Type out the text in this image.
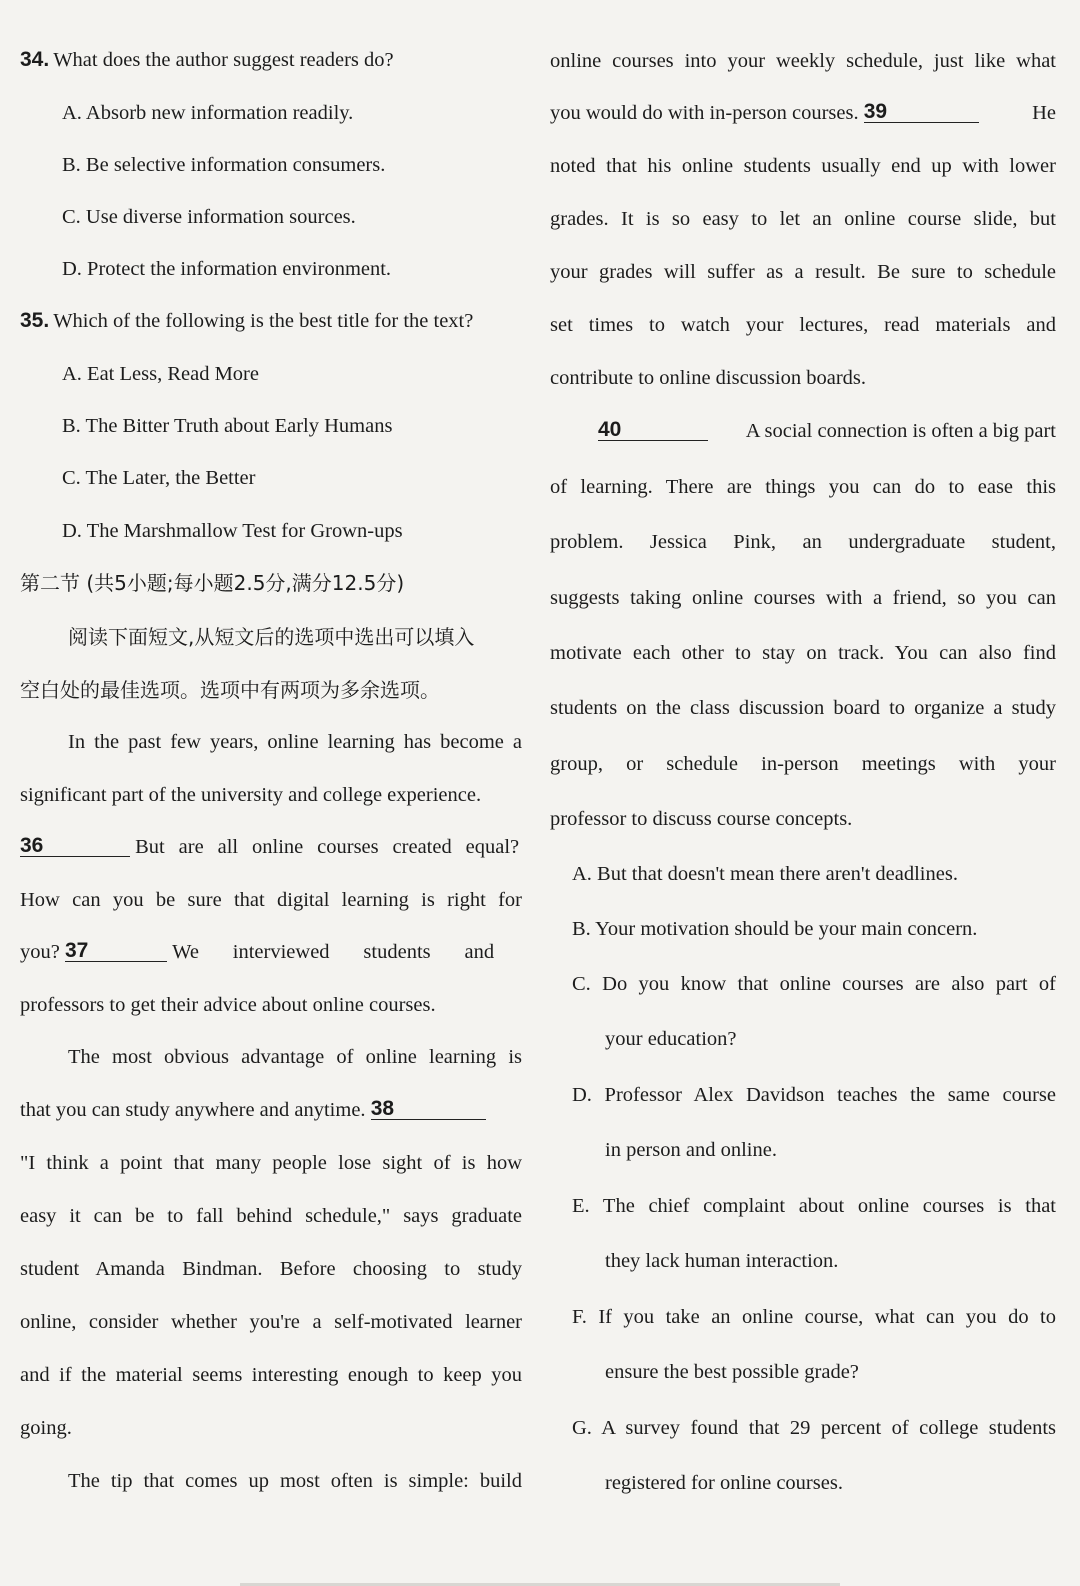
34. What does the author suggest readers do?
A. Absorb new information readily.
B. Be selective information consumers.
C. Use diverse information sources.
D. Protect the information environment.
35. Which of the following is the best title for the text?
A. Eat Less, Read More
B. The Bitter Truth about Early Humans
C. The Later, the Better
D. The Marshmallow Test for Grown-ups
第二节 (共5小题;每小题2.5分,满分12.5分)
阅读下面短文,从短文后的选项中选出可以填入
空白处的最佳选项。选项中有两项为多余选项。
In the past few years, online learning has become a
significant part of the university and college experience.
36	But are all online courses created equal?
How can you be sure that digital learning is right for
you? 37	We interviewed students and
professors to get their advice about online courses.
The most obvious advantage of online learning is
that you can study anywhere and anytime. 38
"I think a point that many people lose sight of is how
easy it can be to fall behind schedule," says graduate
student Amanda Bindman. Before choosing to study
online, consider whether you're a self-motivated learner
and if the material seems interesting enough to keep you
going.
The tip that comes up most often is simple: build
online courses into your weekly schedule, just like what
you would do with in-person courses. 39	He
noted that his online students usually end up with lower
grades. It is so easy to let an online course slide, but
your grades will suffer as a result. Be sure to schedule
set times to watch your lectures, read materials and
contribute to online discussion boards.
40	A social connection is often a big part
of learning. There are things you can do to ease this
problem. Jessica Pink, an undergraduate student,
suggests taking online courses with a friend, so you can
motivate each other to stay on track. You can also find
students on the class discussion board to organize a study
group, or schedule in-person meetings with your
professor to discuss course concepts.
A. But that doesn't mean there aren't deadlines.
B. Your motivation should be your main concern.
C. Do you know that online courses are also part of
your education?
D. Professor Alex Davidson teaches the same course
in person and online.
E. The chief complaint about online courses is that
they lack human interaction.
F. If you take an online course, what can you do to
ensure the best possible grade?
G. A survey found that 29 percent of college students
registered for online courses.
